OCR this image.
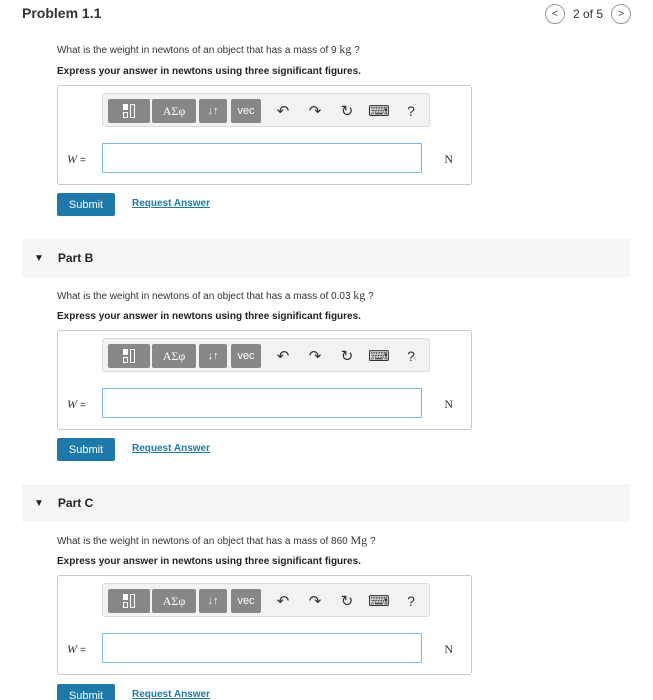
Problem 1.1	< 2 of 5 >
What is the weight in newtons of an object that has a mass of 9 kg ?
Express your answer in newtons using three significant figures.
ΑΣφ	↓↑	vec	↶	↷	↻ ⌨	?
W =	N
Submit	Request Answer
▼ Part B
What is the weight in newtons of an object that has a mass of 0.03 kg ?
Express your answer in newtons using three significant figures.
ΑΣφ	↓↑	vec	↶	↷	↻ ⌨	?
W =	N
Submit	Request Answer
▼ Part C
What is the weight in newtons of an object that has a mass of 860 Mg ?
Express your answer in newtons using three significant figures.
ΑΣφ	↓↑	vec	↶	↷	↻ ⌨	?
W =	N
Submit	Request Answer
